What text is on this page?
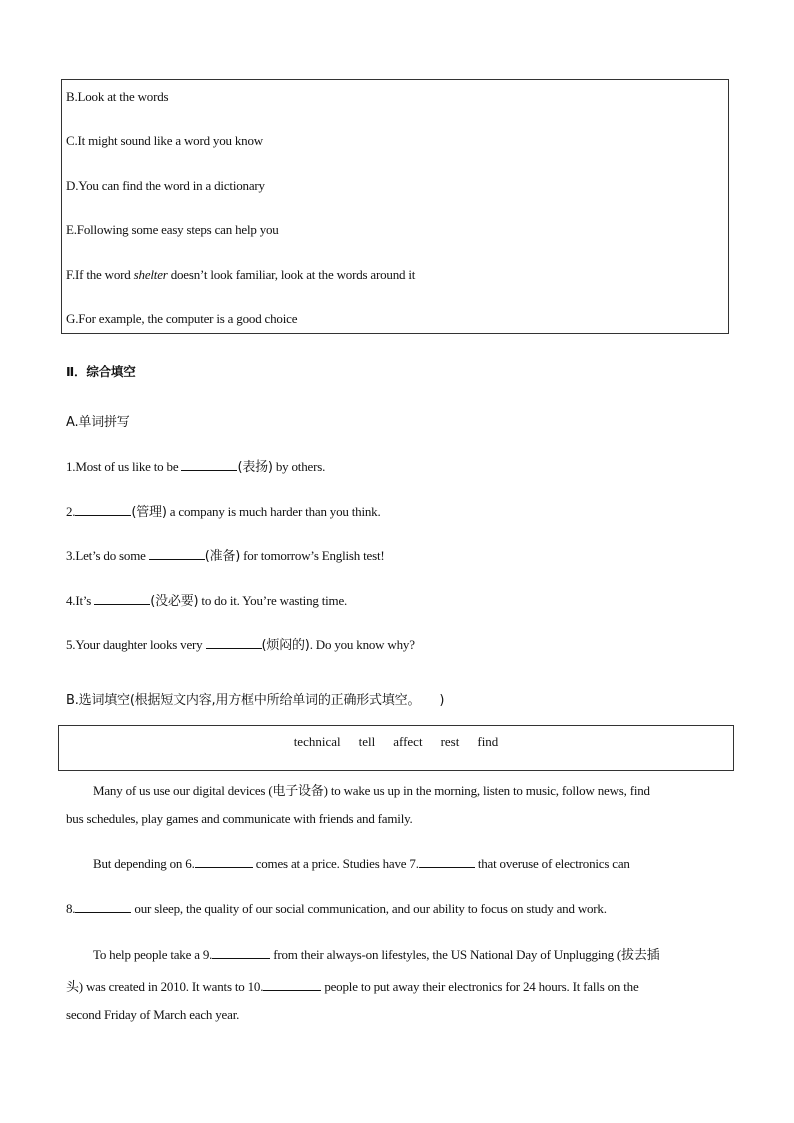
B.Look at the words
C.It might sound like a word you know
D.You can find the word in a dictionary
E.Following some easy steps can help you
F.If the word shelter doesn’t look familiar, look at the words around it
G.For example, the computer is a good choice
Ⅱ．综合填空
A.单词拼写
1.Most of us like to be	(表扬) by others.
2.	(管理) a company is much harder than you think.
3.Let’s do some	(准备) for tomorrow’s English test!
4.It’s	(没必要) to do it. You’re wasting time.
5.Your daughter looks very	(烦闷的). Do you know why?
B.选词填空(根据短文内容,用方框中所给单词的正确形式填空。　　)
technical tell affect rest find
Many of us use our digital devices (电子设备) to wake us up in the morning, listen to music, follow news, find
bus schedules, play games and communicate with friends and family.
But depending on 6.	comes at a price. Studies have 7.	that overuse of electronics can
8.	our sleep, the quality of our social communication, and our ability to focus on study and work.
To help people take a 9.	from their always-on lifestyles, the US National Day of Unplugging (拔去插
头) was created in 2010. It wants to 10.	people to put away their electronics for 24 hours. It falls on the
second Friday of March each year.
